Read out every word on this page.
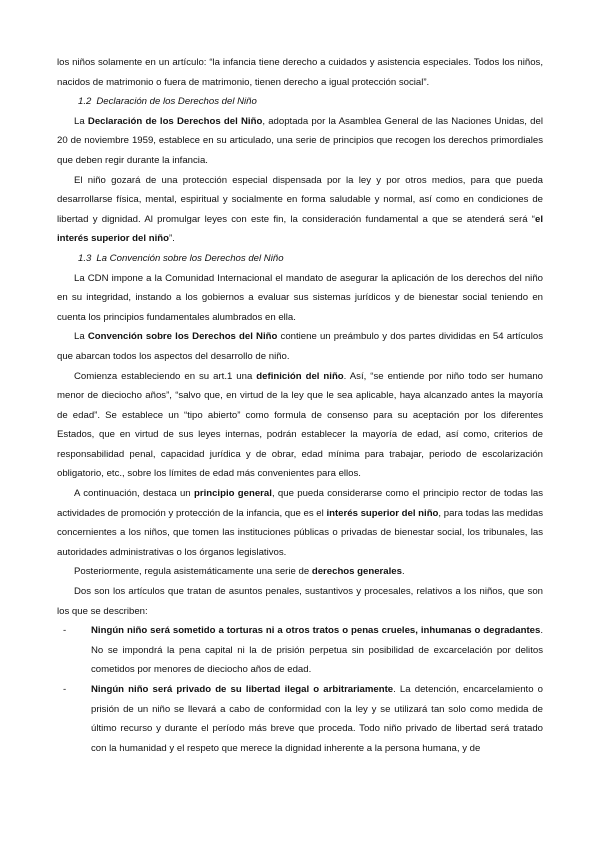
los niños solamente en un artículo: “la infancia tiene derecho a cuidados y asistencia especiales. Todos los niños, nacidos de matrimonio o fuera de matrimonio, tienen derecho a igual protección social”.

1.2 Declaración de los Derechos del Niño

La Declaración de los Derechos del Niño, adoptada por la Asamblea General de las Naciones Unidas, del 20 de noviembre 1959, establece en su articulado, una serie de principios que recogen los derechos primordiales que deben regir durante la infancia.

El niño gozará de una protección especial dispensada por la ley y por otros medios, para que pueda desarrollarse física, mental, espiritual y socialmente en forma saludable y normal, así como en condiciones de libertad y dignidad. Al promulgar leyes con este fin, la consideración fundamental a que se atenderá será “el interés superior del niño”.

1.3 La Convención sobre los Derechos del Niño

La CDN impone a la Comunidad Internacional el mandato de asegurar la aplicación de los derechos del niño en su integridad, instando a los gobiernos a evaluar sus sistemas jurídicos y de bienestar social teniendo en cuenta los principios fundamentales alumbrados en ella.

La Convención sobre los Derechos del Niño contiene un preámbulo y dos partes divididas en 54 artículos que abarcan todos los aspectos del desarrollo de niño.

Comienza estableciendo en su art.1 una definición del niño. Así, “se entiende por niño todo ser humano menor de dieciocho años”, “salvo que, en virtud de la ley que le sea aplicable, haya alcanzado antes la mayoría de edad”. Se establece un “tipo abierto” como formula de consenso para su aceptación por los diferentes Estados, que en virtud de sus leyes internas, podrán establecer la mayoría de edad, así como, criterios de responsabilidad penal, capacidad jurídica y de obrar, edad mínima para trabajar, periodo de escolarización obligatorio, etc., sobre los límites de edad más convenientes para ellos.

A continuación, destaca un principio general, que pueda considerarse como el principio rector de todas las actividades de promoción y protección de la infancia, que es el interés superior del niño, para todas las medidas concernientes a los niños, que tomen las instituciones públicas o privadas de bienestar social, los tribunales, las autoridades administrativas o los órganos legislativos.

Posteriormente, regula asistemáticamente una serie de derechos generales.

Dos son los artículos que tratan de asuntos penales, sustantivos y procesales, relativos a los niños, que son los que se describen:

-	Ningún niño será sometido a torturas ni a otros tratos o penas crueles, inhumanas o degradantes. No se impondrá la pena capital ni la de prisión perpetua sin posibilidad de excarcelación por delitos cometidos por menores de dieciocho años de edad.
-	Ningún niño será privado de su libertad ilegal o arbitrariamente. La detención, encarcelamiento o prisión de un niño se llevará a cabo de conformidad con la ley y se utilizará tan solo como medida de último recurso y durante el período más breve que proceda. Todo niño privado de libertad será tratado con la humanidad y el respeto que merece la dignidad inherente a la persona humana, y de
